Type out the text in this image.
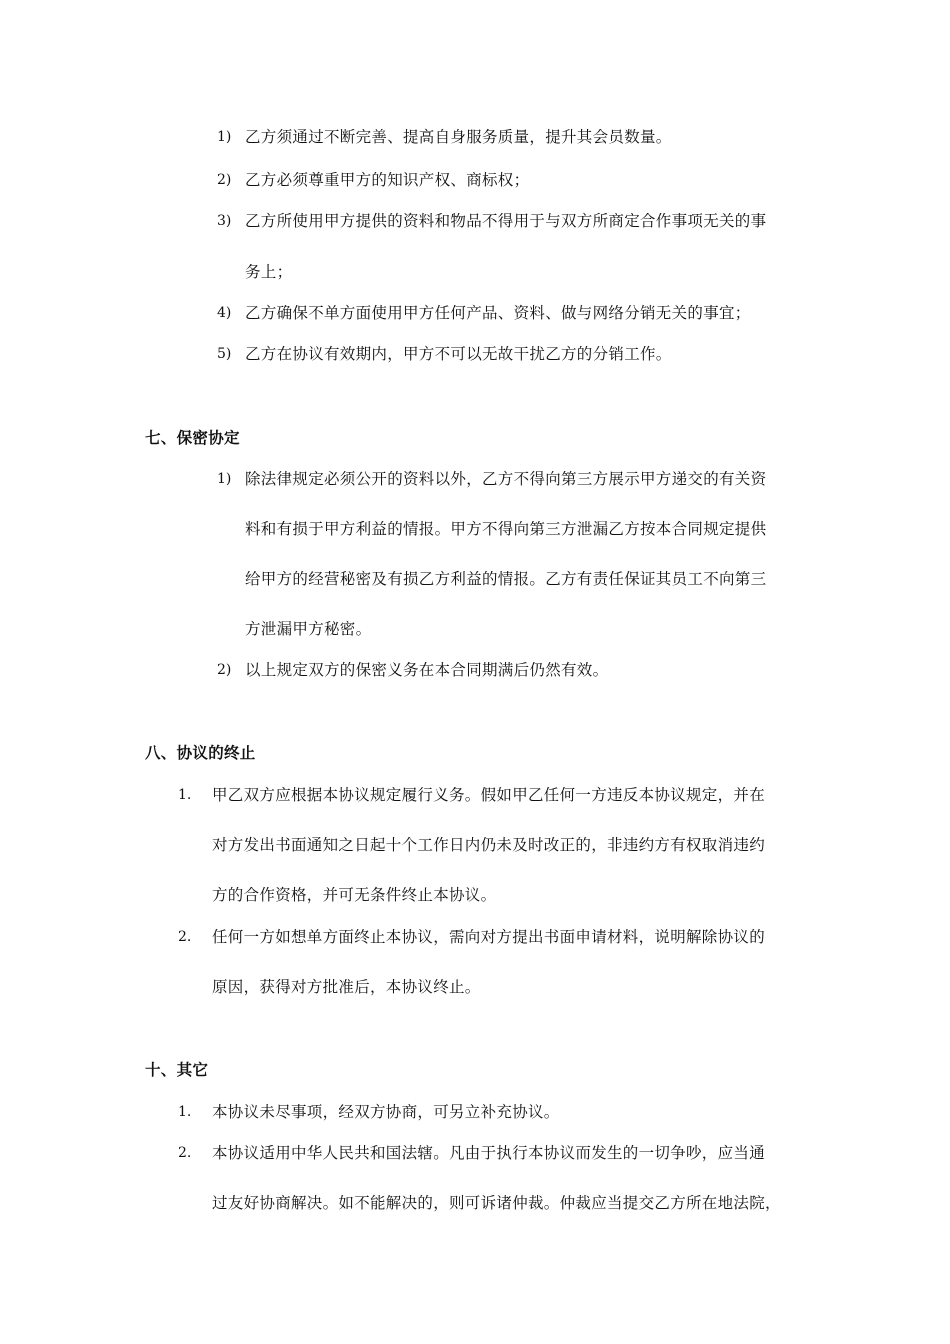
1) 乙方须通过不断完善、提高自身服务质量，提升其会员数量。
2) 乙方必须尊重甲方的知识产权、商标权；
3) 乙方所使用甲方提供的资料和物品不得用于与双方所商定合作事项无关的事
务上；
4) 乙方确保不单方面使用甲方任何产品、资料、做与网络分销无关的事宜；
5) 乙方在协议有效期内，甲方不可以无故干扰乙方的分销工作。
七、保密协定
1) 除法律规定必须公开的资料以外，乙方不得向第三方展示甲方递交的有关资
料和有损于甲方利益的情报。甲方不得向第三方泄漏乙方按本合同规定提供
给甲方的经营秘密及有损乙方利益的情报。乙方有责任保证其员工不向第三
方泄漏甲方秘密。
2) 以上规定双方的保密义务在本合同期满后仍然有效。
八、协议的终止
1. 甲乙双方应根据本协议规定履行义务。假如甲乙任何一方违反本协议规定，并在
对方发出书面通知之日起十个工作日内仍未及时改正的，非违约方有权取消违约
方的合作资格，并可无条件终止本协议。
2. 任何一方如想单方面终止本协议，需向对方提出书面申请材料，说明解除协议的
原因，获得对方批准后，本协议终止。
十、其它
1. 本协议未尽事项，经双方协商，可另立补充协议。
2. 本协议适用中华人民共和国法辖。凡由于执行本协议而发生的一切争吵，应当通
过友好协商解决。如不能解决的，则可诉诸仲裁。仲裁应当提交乙方所在地法院，
